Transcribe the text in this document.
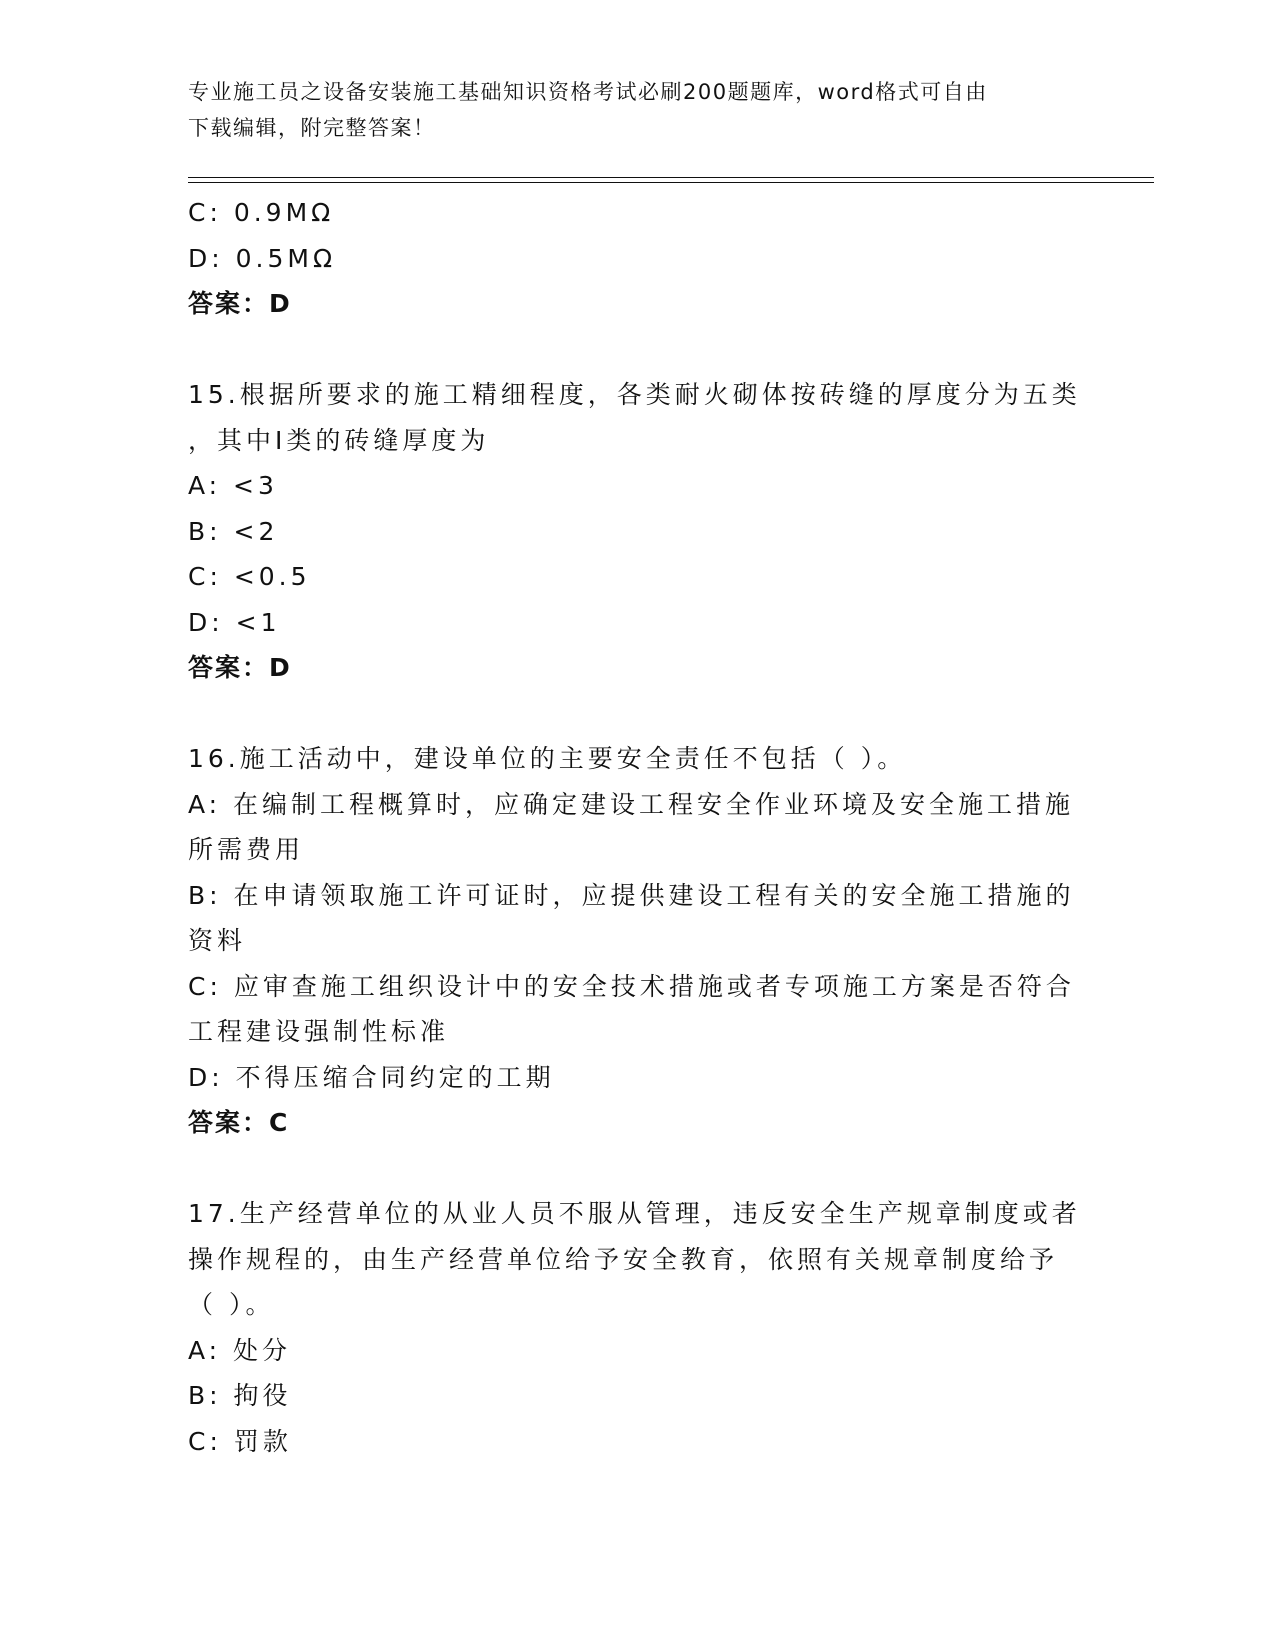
专业施工员之设备安装施工基础知识资格考试必刷200题题库，word格式可自由
下载编辑，附完整答案！
C: 0.9MΩ
D: 0.5MΩ
答案：D
15.根据所要求的施工精细程度，各类耐火砌体按砖缝的厚度分为五类
，其中Ⅰ类的砖缝厚度为
A: <3
B: <2
C: <0.5
D: <1
答案：D
16.施工活动中，建设单位的主要安全责任不包括（ ）。
A: 在编制工程概算时，应确定建设工程安全作业环境及安全施工措施
所需费用
B: 在申请领取施工许可证时，应提供建设工程有关的安全施工措施的
资料
C: 应审查施工组织设计中的安全技术措施或者专项施工方案是否符合
工程建设强制性标准
D: 不得压缩合同约定的工期
答案：C
17.生产经营单位的从业人员不服从管理，违反安全生产规章制度或者
操作规程的，由生产经营单位给予安全教育，依照有关规章制度给予
（ ）。
A: 处分
B: 拘役
C: 罚款
